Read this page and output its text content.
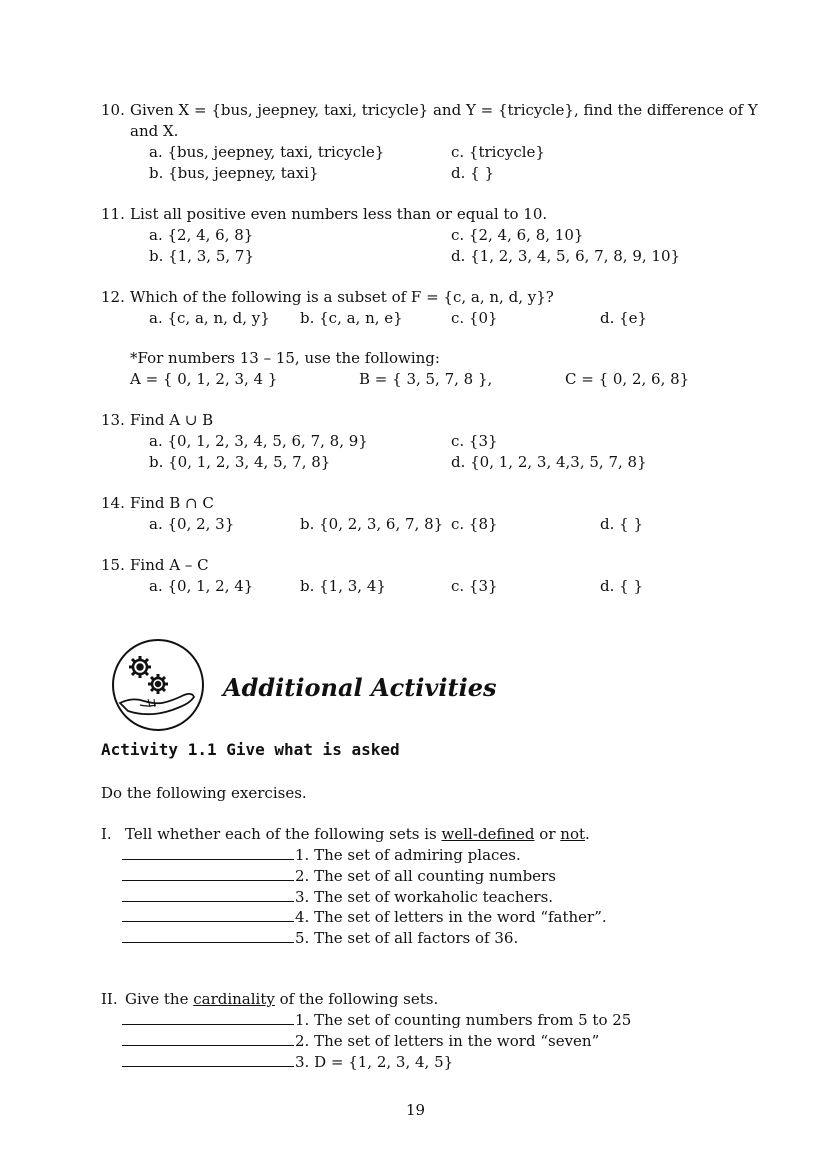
10. Given X = {bus, jeepney, taxi, tricycle} and Y = {tricycle}, find the difference of Y
and X.
a. {bus, jeepney, taxi, tricycle}	c. {tricycle}
b. {bus, jeepney, taxi}	d. { }
11. List all positive even numbers less than or equal to 10.
a. {2, 4, 6, 8}	c. {2, 4, 6, 8, 10}
b. {1, 3, 5, 7}	d. {1, 2, 3, 4, 5, 6, 7, 8, 9, 10}
12. Which of the following is a subset of F = {c, a, n, d, y}?
a. {c, a, n, d, y} b. {c, a, n, e}	c. {0}	d. {e}
*For numbers 13 – 15, use the following:
A = { 0, 1, 2, 3, 4 }	B = { 3, 5, 7, 8 },	C = { 0, 2, 6, 8}
13. Find A ∪ B
a. {0, 1, 2, 3, 4, 5, 6, 7, 8, 9}	c. {3}
b. {0, 1, 2, 3, 4, 5, 7, 8}	d. {0, 1, 2, 3, 4,3, 5, 7, 8}
14. Find B ∩ C
a. {0, 2, 3}	b. {0, 2, 3, 6, 7, 8} c. {8}	d. { }
15. Find A – C
a. {0, 1, 2, 4}	b. {1, 3, 4}	c. {3}	d. { }
Additional Activities
Activity 1.1 Give what is asked
Do the following exercises.
I. Tell whether each of the following sets is well-defined or not.
1. The set of admiring places.
2. The set of all counting numbers
3. The set of workaholic teachers.
4. The set of letters in the word “father”.
5. The set of all factors of 36.
II. Give the cardinality of the following sets.
1. The set of counting numbers from 5 to 25
2. The set of letters in the word “seven”
3. D = {1, 2, 3, 4, 5}
19
